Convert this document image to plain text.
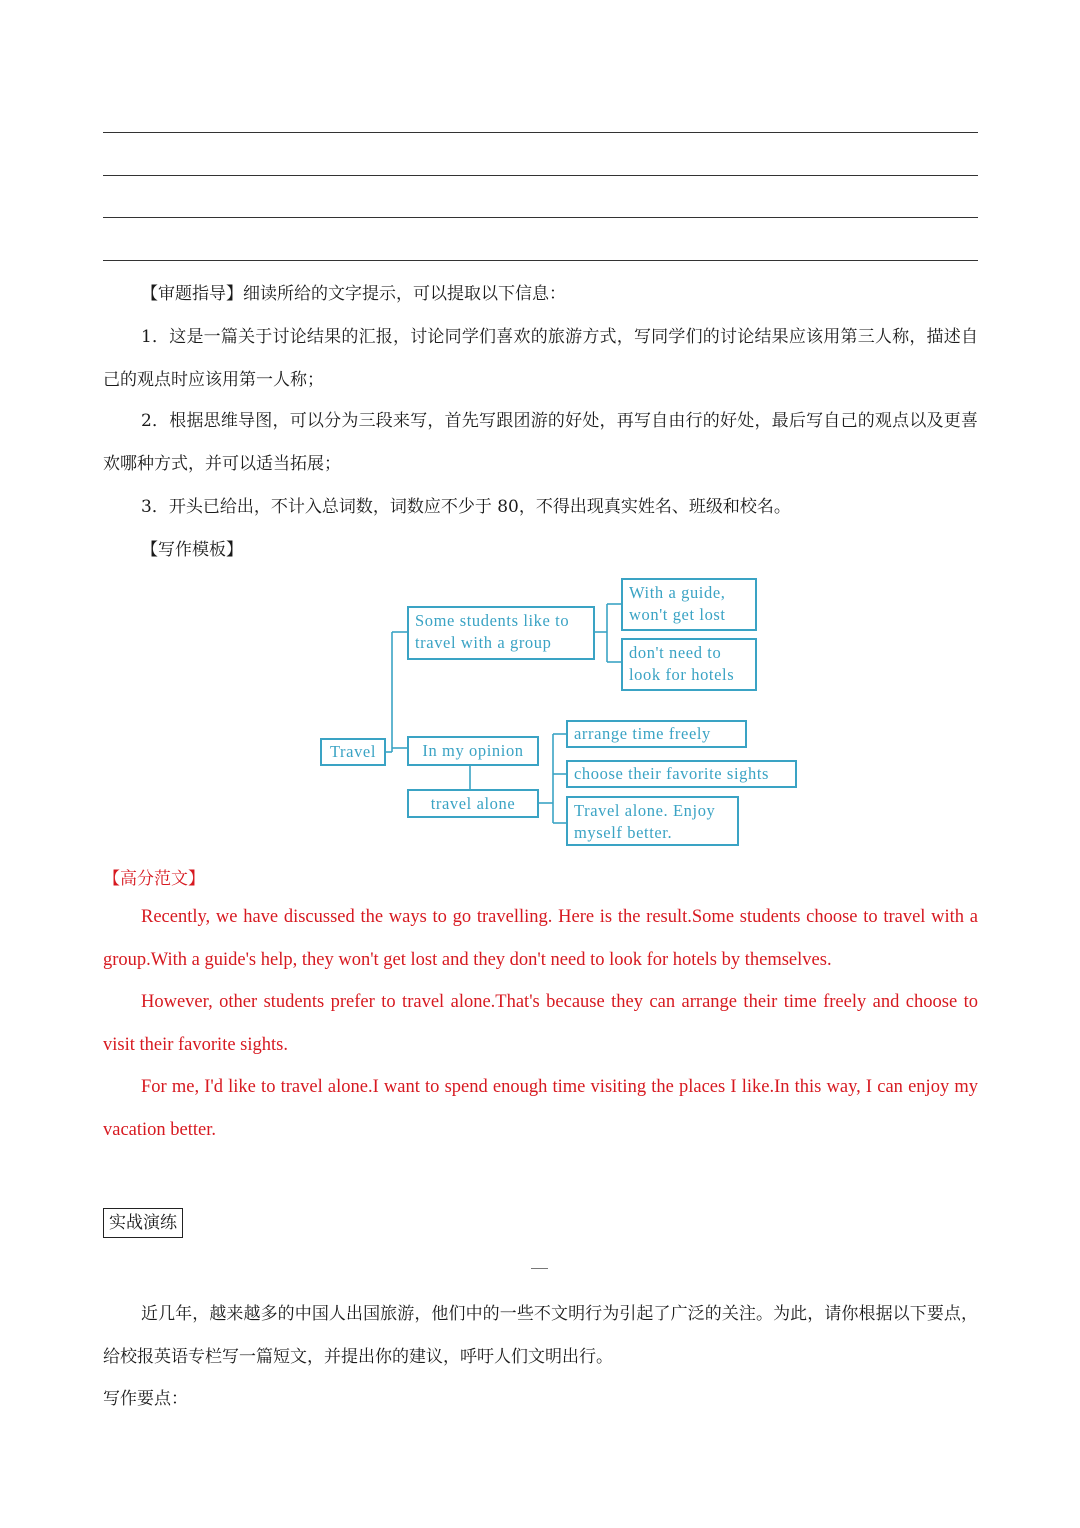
【审题指导】细读所给的文字提示，可以提取以下信息：
1．这是一篇关于讨论结果的汇报，讨论同学们喜欢的旅游方式，写同学们的讨论结果应该用第三人称，描述自己的观点时应该用第一人称；
2．根据思维导图，可以分为三段来写，首先写跟团游的好处，再写自由行的好处，最后写自己的观点以及更喜欢哪种方式，并可以适当拓展；
3．开头已给出，不计入总词数，词数应不少于 80，不得出现真实姓名、班级和校名。
【写作模板】
Travel
Some students like to travel with a group
With a guide, won't get lost
don't need to look for hotels
In my opinion
travel alone
arrange time freely
choose their favorite sights
Travel alone. Enjoy myself better.
【高分范文】
Recently, we have discussed the ways to go travelling. Here is the result.Some students choose to travel with a group.With a guide's help, they won't get lost and they don't need to look for hotels by themselves.
However, other students prefer to travel alone.That's because they can arrange their time freely and choose to visit their favorite sights.
For me, I'd like to travel alone.I want to spend enough time visiting the places I like.In this way, I can enjoy my vacation better.
实战演练
近几年，越来越多的中国人出国旅游，他们中的一些不文明行为引起了广泛的关注。为此，请你根据以下要点，给校报英语专栏写一篇短文，并提出你的建议，呼吁人们文明出行。
写作要点：
